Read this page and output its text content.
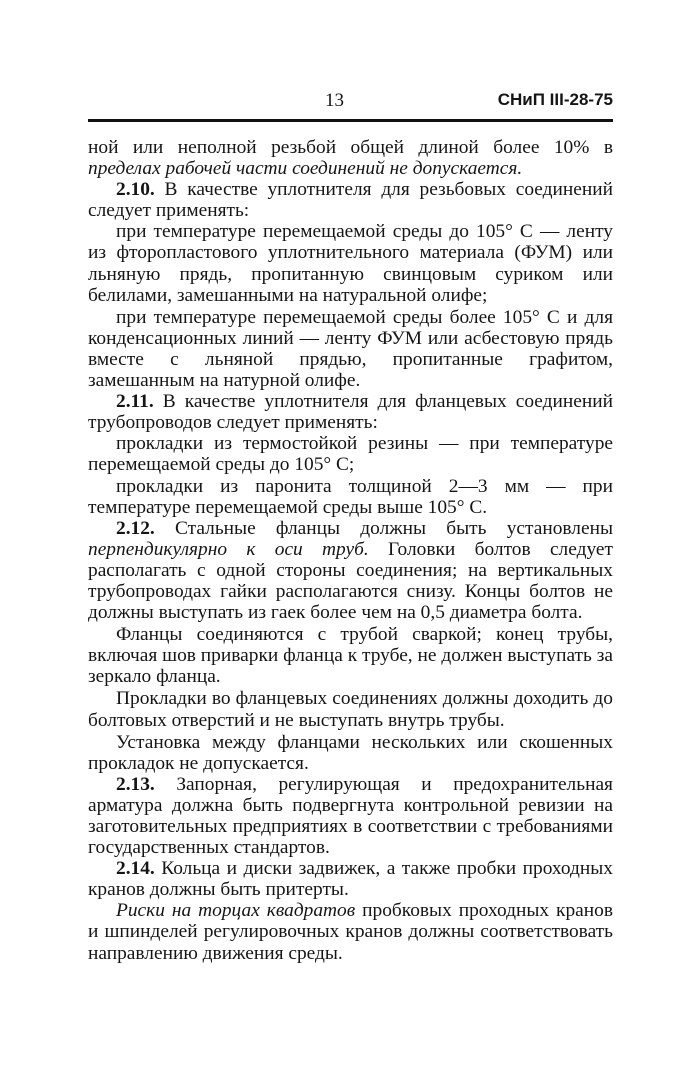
13	СНиП III-28-75

ной или неполной резьбой общей длиной более 10% в пределах рабочей части соединений не допускается.

2.10. В качестве уплотнителя для резьбовых соединений следует применять:

при температуре перемещаемой среды до 105° С — ленту из фторопластового уплотнительного материала (ФУМ) или льняную прядь, пропитанную свинцовым суриком или белилами, замешанными на натуральной олифе;

при температуре перемещаемой среды более 105° С и для конденсационных линий — ленту ФУМ или асбестовую прядь вместе с льняной прядью, пропитанные графитом, замешанным на натурной олифе.

2.11. В качестве уплотнителя для фланцевых соединений трубопроводов следует применять:

прокладки из термостойкой резины — при температуре перемещаемой среды до 105° С;

прокладки из паронита толщиной 2—3 мм — при температуре перемещаемой среды выше 105° С.

2.12. Стальные фланцы должны быть установлены перпендикулярно к оси труб. Головки болтов следует располагать с одной стороны соединения; на вертикальных трубопроводах гайки располагаются снизу. Концы болтов не должны выступать из гаек более чем на 0,5 диаметра болта.

Фланцы соединяются с трубой сваркой; конец трубы, включая шов приварки фланца к трубе, не должен выступать за зеркало фланца.

Прокладки во фланцевых соединениях должны доходить до болтовых отверстий и не выступать внутрь трубы.

Установка между фланцами нескольких или скошенных прокладок не допускается.

2.13. Запорная, регулирующая и предохранительная арматура должна быть подвергнута контрольной ревизии на заготовительных предприятиях в соответствии с требованиями государственных стандартов.

2.14. Кольца и диски задвижек, а также пробки проходных кранов должны быть притерты.

Риски на торцах квадратов пробковых проходных кранов и шпинделей регулировочных кранов должны соответствовать направлению движения среды.
